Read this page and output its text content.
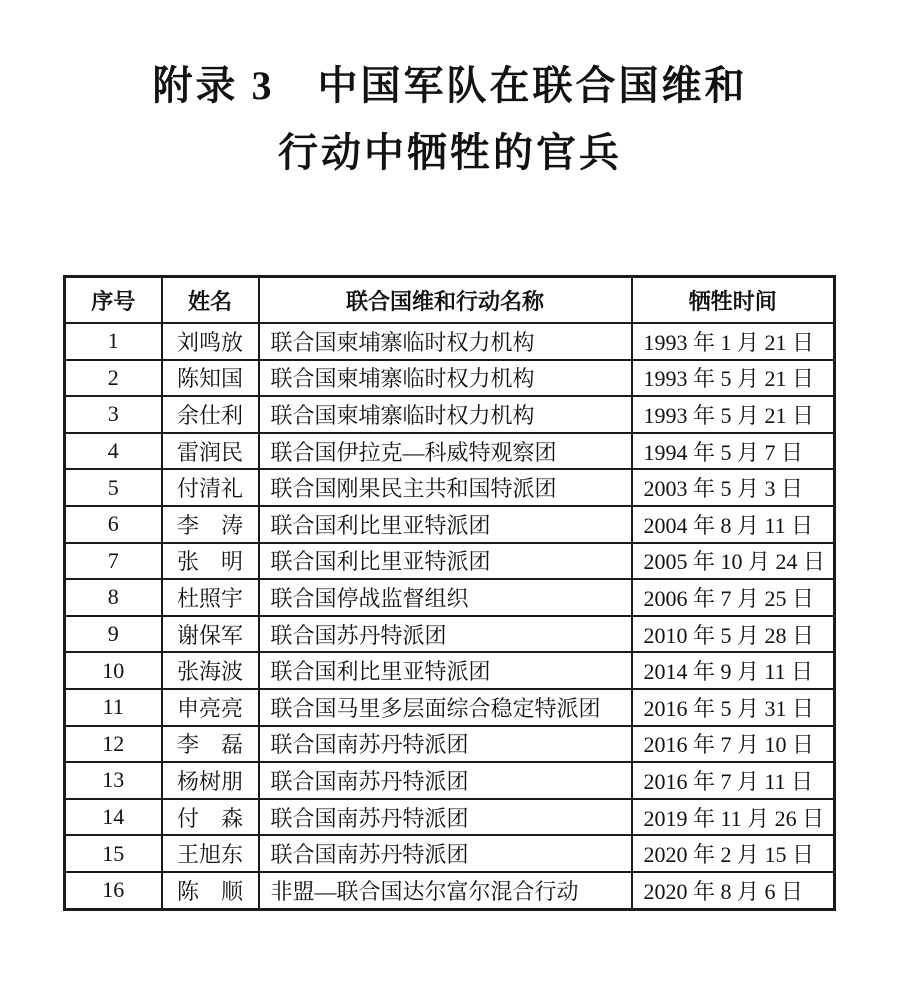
附录 3　中国军队在联合国维和
行动中牺牲的官兵
序号	姓名	联合国维和行动名称	牺牲时间
1	刘鸣放	联合国柬埔寨临时权力机构	1993 年 1 月 21 日
2	陈知国	联合国柬埔寨临时权力机构	1993 年 5 月 21 日
3	余仕利	联合国柬埔寨临时权力机构	1993 年 5 月 21 日
4	雷润民	联合国伊拉克—科威特观察团	1994 年 5 月 7 日
5	付清礼	联合国刚果民主共和国特派团	2003 年 5 月 3 日
6	李　涛	联合国利比里亚特派团	2004 年 8 月 11 日
7	张　明	联合国利比里亚特派团	2005 年 10 月 24 日
8	杜照宇	联合国停战监督组织	2006 年 7 月 25 日
9	谢保军	联合国苏丹特派团	2010 年 5 月 28 日
10	张海波	联合国利比里亚特派团	2014 年 9 月 11 日
11	申亮亮	联合国马里多层面综合稳定特派团	2016 年 5 月 31 日
12	李　磊	联合国南苏丹特派团	2016 年 7 月 10 日
13	杨树朋	联合国南苏丹特派团	2016 年 7 月 11 日
14	付　森	联合国南苏丹特派团	2019 年 11 月 26 日
15	王旭东	联合国南苏丹特派团	2020 年 2 月 15 日
16	陈　顺	非盟—联合国达尔富尔混合行动	2020 年 8 月 6 日
